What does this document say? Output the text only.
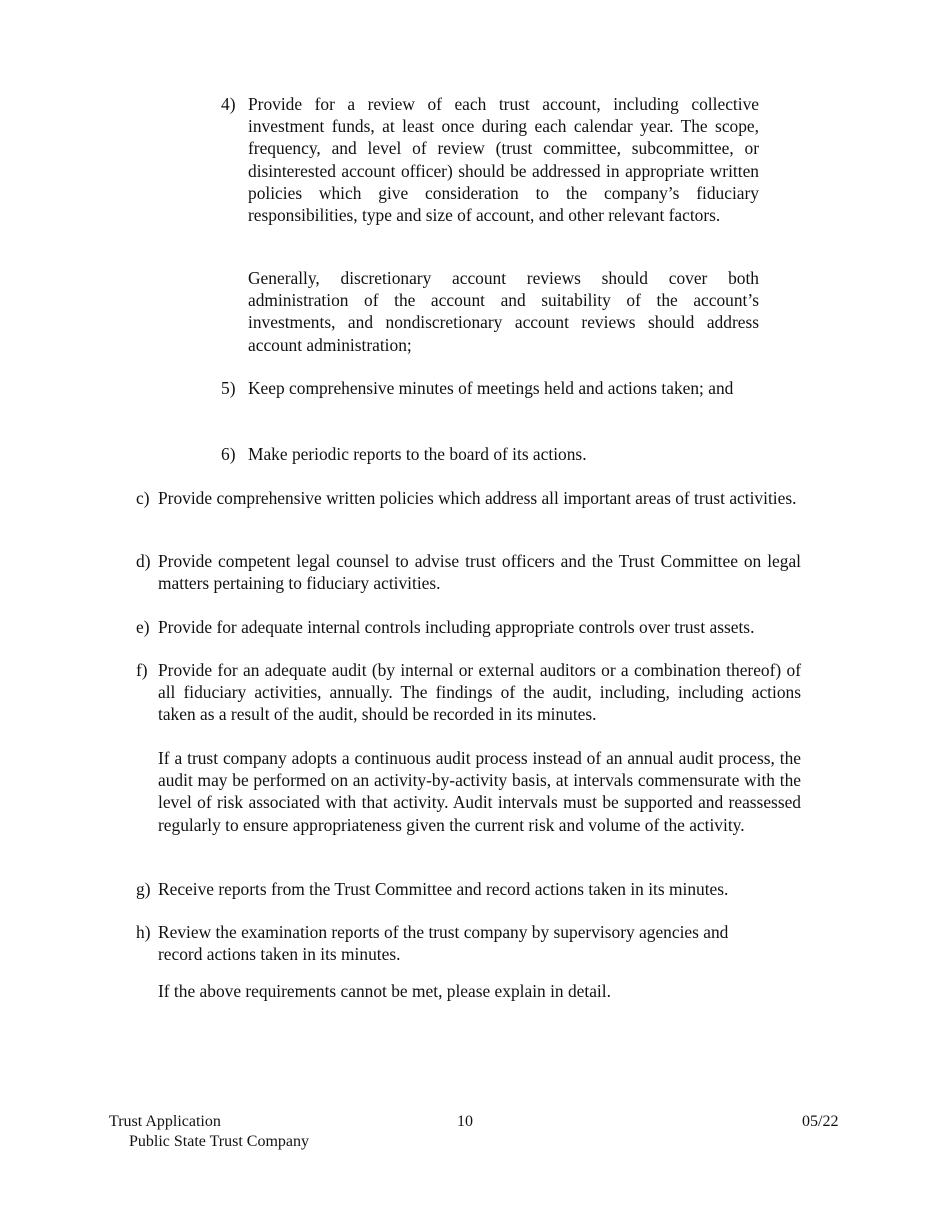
4) Provide for a review of each trust account, including collective investment funds, at least once during each calendar year. The scope, frequency, and level of review (trust committee, subcommittee, or disinterested account officer) should be addressed in appropriate written policies which give consideration to the company’s fiduciary responsibilities, type and size of account, and other relevant factors.

Generally, discretionary account reviews should cover both administration of the account and suitability of the account’s investments, and nondiscretionary account reviews should address account administration;

5) Keep comprehensive minutes of meetings held and actions taken; and

6) Make periodic reports to the board of its actions.

c) Provide comprehensive written policies which address all important areas of trust activities.

d) Provide competent legal counsel to advise trust officers and the Trust Committee on legal matters pertaining to fiduciary activities.

e) Provide for adequate internal controls including appropriate controls over trust assets.

f) Provide for an adequate audit (by internal or external auditors or a combination thereof) of all fiduciary activities, annually. The findings of the audit, including, including actions taken as a result of the audit, should be recorded in its minutes.

If a trust company adopts a continuous audit process instead of an annual audit process, the audit may be performed on an activity-by-activity basis, at intervals commensurate with the level of risk associated with that activity. Audit intervals must be supported and reassessed regularly to ensure appropriateness given the current risk and volume of the activity.

g) Receive reports from the Trust Committee and record actions taken in its minutes.

h) Review the examination reports of the trust company by supervisory agencies and record actions taken in its minutes.

If the above requirements cannot be met, please explain in detail.

Trust Application
Public State Trust Company
10	05/22
